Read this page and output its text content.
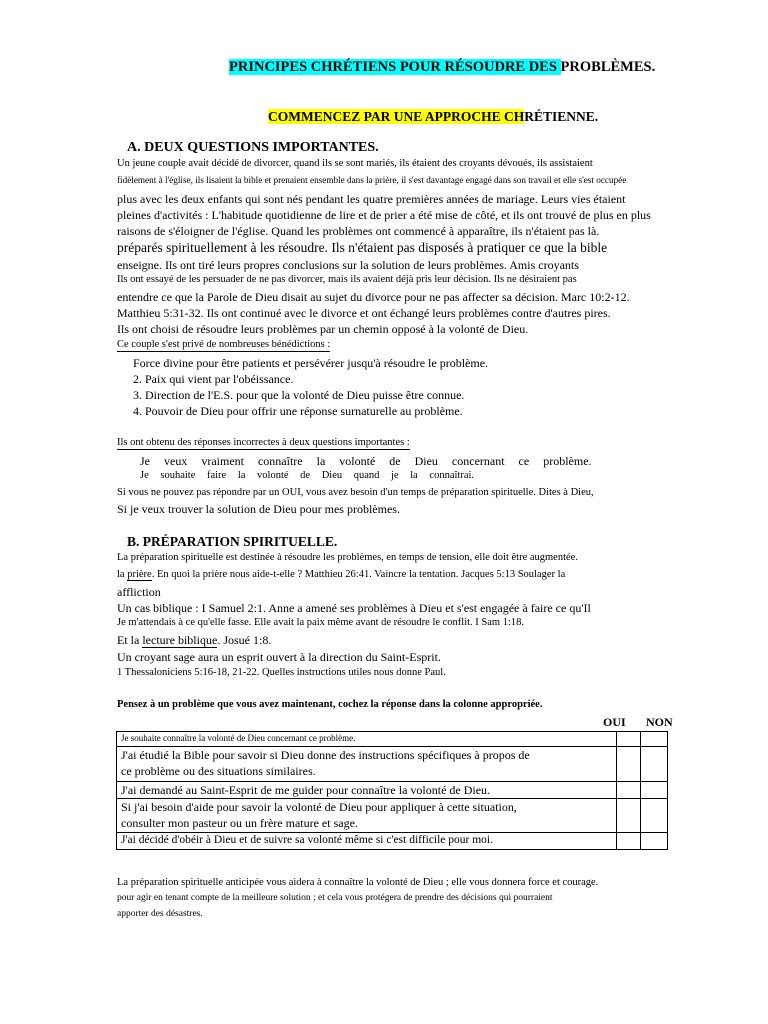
PRINCIPES CHRÉTIENS POUR RÉSOUDRE DES PROBLÈMES.
COMMENCEZ PAR UNE APPROCHE CHRÉTIENNE.
A. DEUX QUESTIONS IMPORTANTES.
Un jeune couple avait décidé de divorcer, quand ils se sont mariés, ils étaient des croyants dévoués, ils assistaient
fidèlement à l'église, ils lisaient la bible et prenaient ensemble dans la prière, il s'est davantage engagé dans son travail et elle s'est occupée
plus avec les deux enfants qui sont nés pendant les quatre premières années de mariage. Leurs vies étaient
pleines d'activités : L'habitude quotidienne de lire et de prier a été mise de côté, et ils ont trouvé de plus en plus
raisons de s'éloigner de l'église. Quand les problèmes ont commencé à apparaître, ils n'étaient pas là.
préparés spirituellement à les résoudre. Ils n'étaient pas disposés à pratiquer ce que la bible
enseigne. Ils ont tiré leurs propres conclusions sur la solution de leurs problèmes. Amis croyants
Ils ont essayé de les persuader de ne pas divorcer, mais ils avaient déjà pris leur décision. Ils ne désiraient pas
entendre ce que la Parole de Dieu disait au sujet du divorce pour ne pas affecter sa décision. Marc 10:2-12.
Matthieu 5:31-32. Ils ont continué avec le divorce et ont échangé leurs problèmes contre d'autres pires.
Ils ont choisi de résoudre leurs problèmes par un chemin opposé à la volonté de Dieu.
Ce couple s'est privé de nombreuses bénédictions :
Force divine pour être patients et persévérer jusqu'à résoudre le problème.
2. Paix qui vient par l'obéissance.
3. Direction de l'E.S. pour que la volonté de Dieu puisse être connue.
4. Pouvoir de Dieu pour offrir une réponse surnaturelle au problème.
Ils ont obtenu des réponses incorrectes à deux questions importantes :
Je veux vraiment connaître la volonté de Dieu concernant ce problème.
Je souhaite faire la volonté de Dieu quand je la connaîtrai.
Si vous ne pouvez pas répondre par un OUI, vous avez besoin d'un temps de préparation spirituelle. Dites à Dieu,
Si je veux trouver la solution de Dieu pour mes problèmes.
B. PRÉPARATION SPIRITUELLE.
La préparation spirituelle est destinée à résoudre les problèmes, en temps de tension, elle doit être augmentée.
la prière. En quoi la prière nous aide-t-elle ? Matthieu 26:41. Vaincre la tentation. Jacques 5:13 Soulager la
affliction
Un cas biblique : I Samuel 2:1. Anne a amené ses problèmes à Dieu et s'est engagée à faire ce qu'Il
Je m'attendais à ce qu'elle fasse. Elle avait la paix même avant de résoudre le conflit. I Sam 1:18.
Et la lecture biblique. Josué 1:8.
Un croyant sage aura un esprit ouvert à la direction du Saint-Esprit.
1 Thessaloniciens 5:16-18, 21-22. Quelles instructions utiles nous donne Paul.
Pensez à un problème que vous avez maintenant, cochez la réponse dans la colonne appropriée.
OUI NON
Je souhaite connaître la volonté de Dieu concernant ce problème.		

J'ai étudié la Bible pour savoir si Dieu donne des instructions spécifiques à propos de
ce problème ou des situations similaires.		

J'ai demandé au Saint-Esprit de me guider pour connaître la volonté de Dieu.		

Si j'ai besoin d'aide pour savoir la volonté de Dieu pour appliquer à cette situation,
consulter mon pasteur ou un frère mature et sage.		

J'ai décidé d'obéir à Dieu et de suivre sa volonté même si c'est difficile pour moi.		
La préparation spirituelle anticipée vous aidera à connaître la volonté de Dieu ; elle vous donnera force et courage.
pour agir en tenant compte de la meilleure solution ; et cela vous protégera de prendre des décisions qui pourraient
apporter des désastres.
